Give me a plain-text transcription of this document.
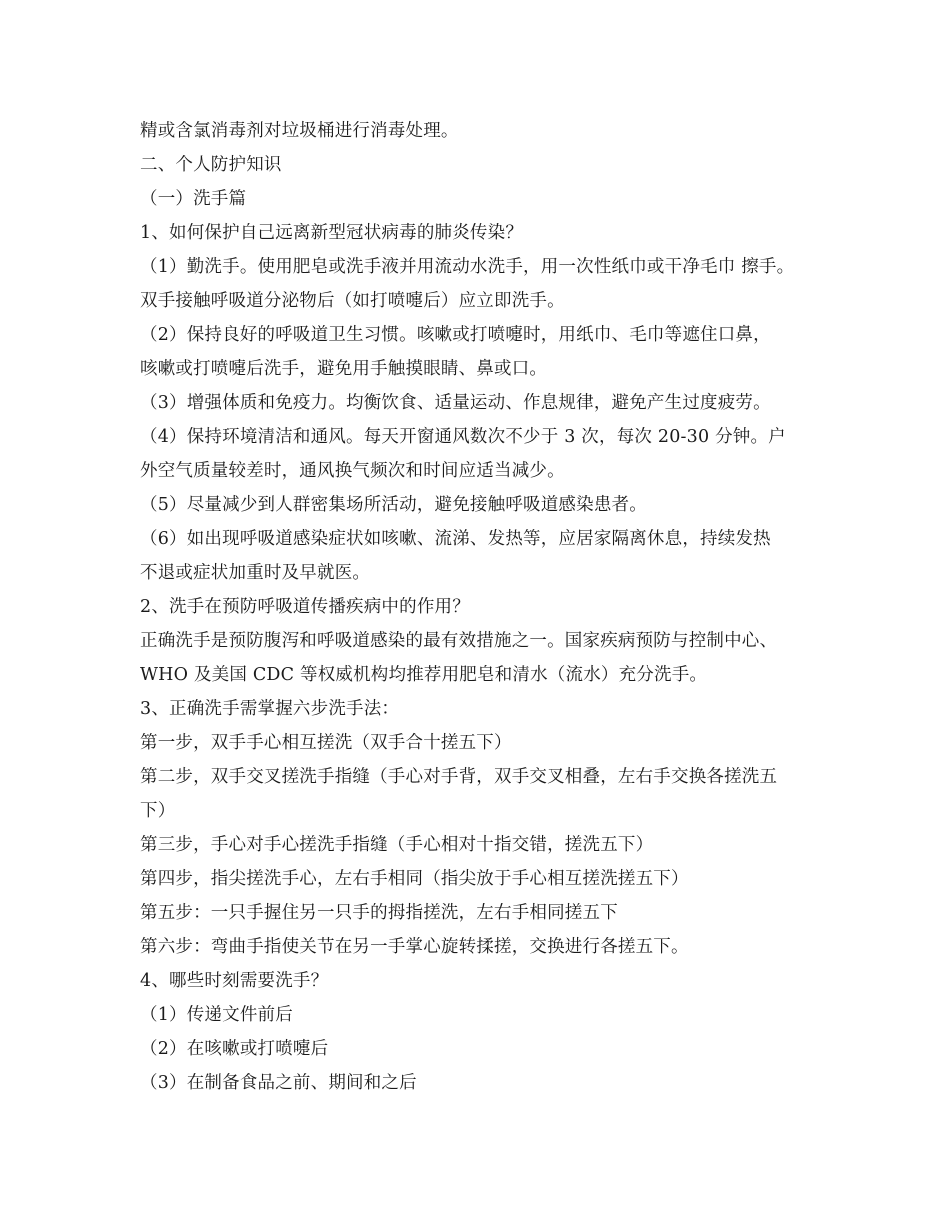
精或含氯消毒剂对垃圾桶进行消毒处理。
二、个人防护知识
（一）洗手篇
1、如何保护自己远离新型冠状病毒的肺炎传染？
（1）勤洗手。使用肥皂或洗手液并用流动水洗手，用一次性纸巾或干净毛巾 擦手。
双手接触呼吸道分泌物后（如打喷嚏后）应立即洗手。
（2）保持良好的呼吸道卫生习惯。咳嗽或打喷嚏时，用纸巾、毛巾等遮住口鼻，
咳嗽或打喷嚏后洗手，避免用手触摸眼睛、鼻或口。
（3）增强体质和免疫力。均衡饮食、适量运动、作息规律，避免产生过度疲劳。
（4）保持环境清洁和通风。每天开窗通风数次不少于 3 次，每次 20-30 分钟。户
外空气质量较差时，通风换气频次和时间应适当减少。
（5）尽量减少到人群密集场所活动，避免接触呼吸道感染患者。
（6）如出现呼吸道感染症状如咳嗽、流涕、发热等，应居家隔离休息，持续发热
不退或症状加重时及早就医。
2、洗手在预防呼吸道传播疾病中的作用？
正确洗手是预防腹泻和呼吸道感染的最有效措施之一。国家疾病预防与控制中心、
WHO 及美国 CDC 等权威机构均推荐用肥皂和清水（流水）充分洗手。
3、正确洗手需掌握六步洗手法：
第一步，双手手心相互搓洗（双手合十搓五下）
第二步，双手交叉搓洗手指缝（手心对手背，双手交叉相叠，左右手交换各搓洗五
下）
第三步，手心对手心搓洗手指缝（手心相对十指交错，搓洗五下）
第四步，指尖搓洗手心，左右手相同（指尖放于手心相互搓洗搓五下）
第五步：一只手握住另一只手的拇指搓洗，左右手相同搓五下
第六步：弯曲手指使关节在另一手掌心旋转揉搓，交换进行各搓五下。
4、哪些时刻需要洗手？
（1）传递文件前后
（2）在咳嗽或打喷嚏后
（3）在制备食品之前、期间和之后
